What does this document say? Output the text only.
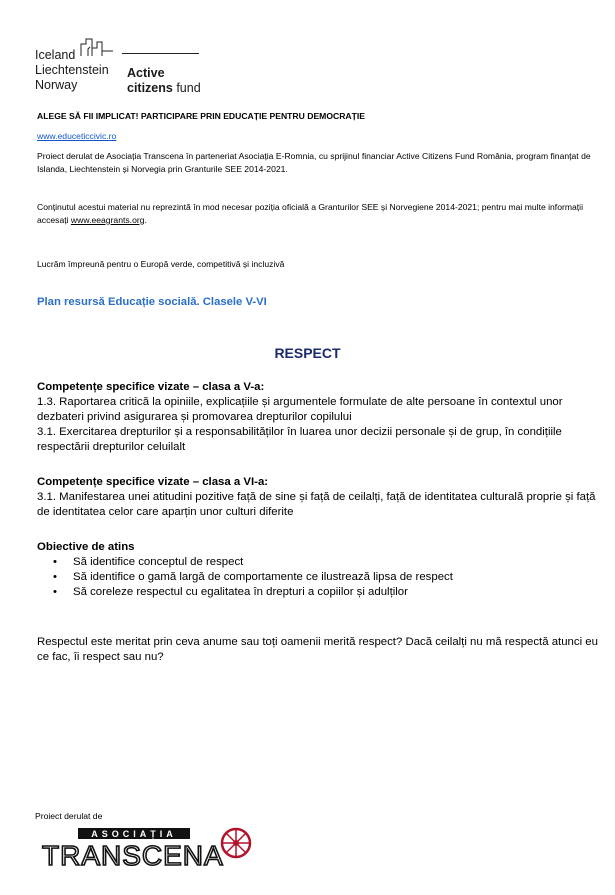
Iceland
Liechtenstein
Norway
Active
citizens fund
ALEGE SĂ FII IMPLICAT! PARTICIPARE PRIN EDUCAȚIE PENTRU DEMOCRAȚIE
www.educeticcivic.ro
Proiect derulat de Asociația Transcena în parteneriat Asociația E-Romnia, cu sprijinul financiar Active Citizens Fund România, program finanțat de Islanda, Liechtenstein și Norvegia prin Granturile SEE 2014-2021.
Conținutul acestui material nu reprezintă în mod necesar poziția oficială a Granturilor SEE și Norvegiene 2014-2021; pentru mai multe informații accesați www.eeagrants.org.
Lucrăm împreună pentru o Europă verde, competitivă și incluzivă
Plan resursă Educație socială. Clasele V-VI
RESPECT
Competențe specifice vizate – clasa a V-a:
1.3. Raportarea critică la opiniile, explicațiile și argumentele formulate de alte persoane în contextul unor dezbateri privind asigurarea și promovarea drepturilor copilului
3.1. Exercitarea drepturilor și a responsabilităților în luarea unor decizii personale și de grup, în condițiile respectării drepturilor celuilalt
Competențe specifice vizate – clasa a VI-a:
3.1. Manifestarea unei atitudini pozitive față de sine și față de ceilalți, față de identitatea culturală proprie și față de identitatea celor care aparțin unor culturi diferite
Obiective de atins
• Să identifice conceptul de respect
• Să identifice o gamă largă de comportamente ce ilustrează lipsa de respect
• Să coreleze respectul cu egalitatea în drepturi a copiilor și adulților
Respectul este meritat prin ceva anume sau toți oamenii merită respect? Dacă ceilalți nu mă respectă atunci eu ce fac, îi respect sau nu?
Proiect derulat de
ASOCIAȚIA
TRANSCENA
